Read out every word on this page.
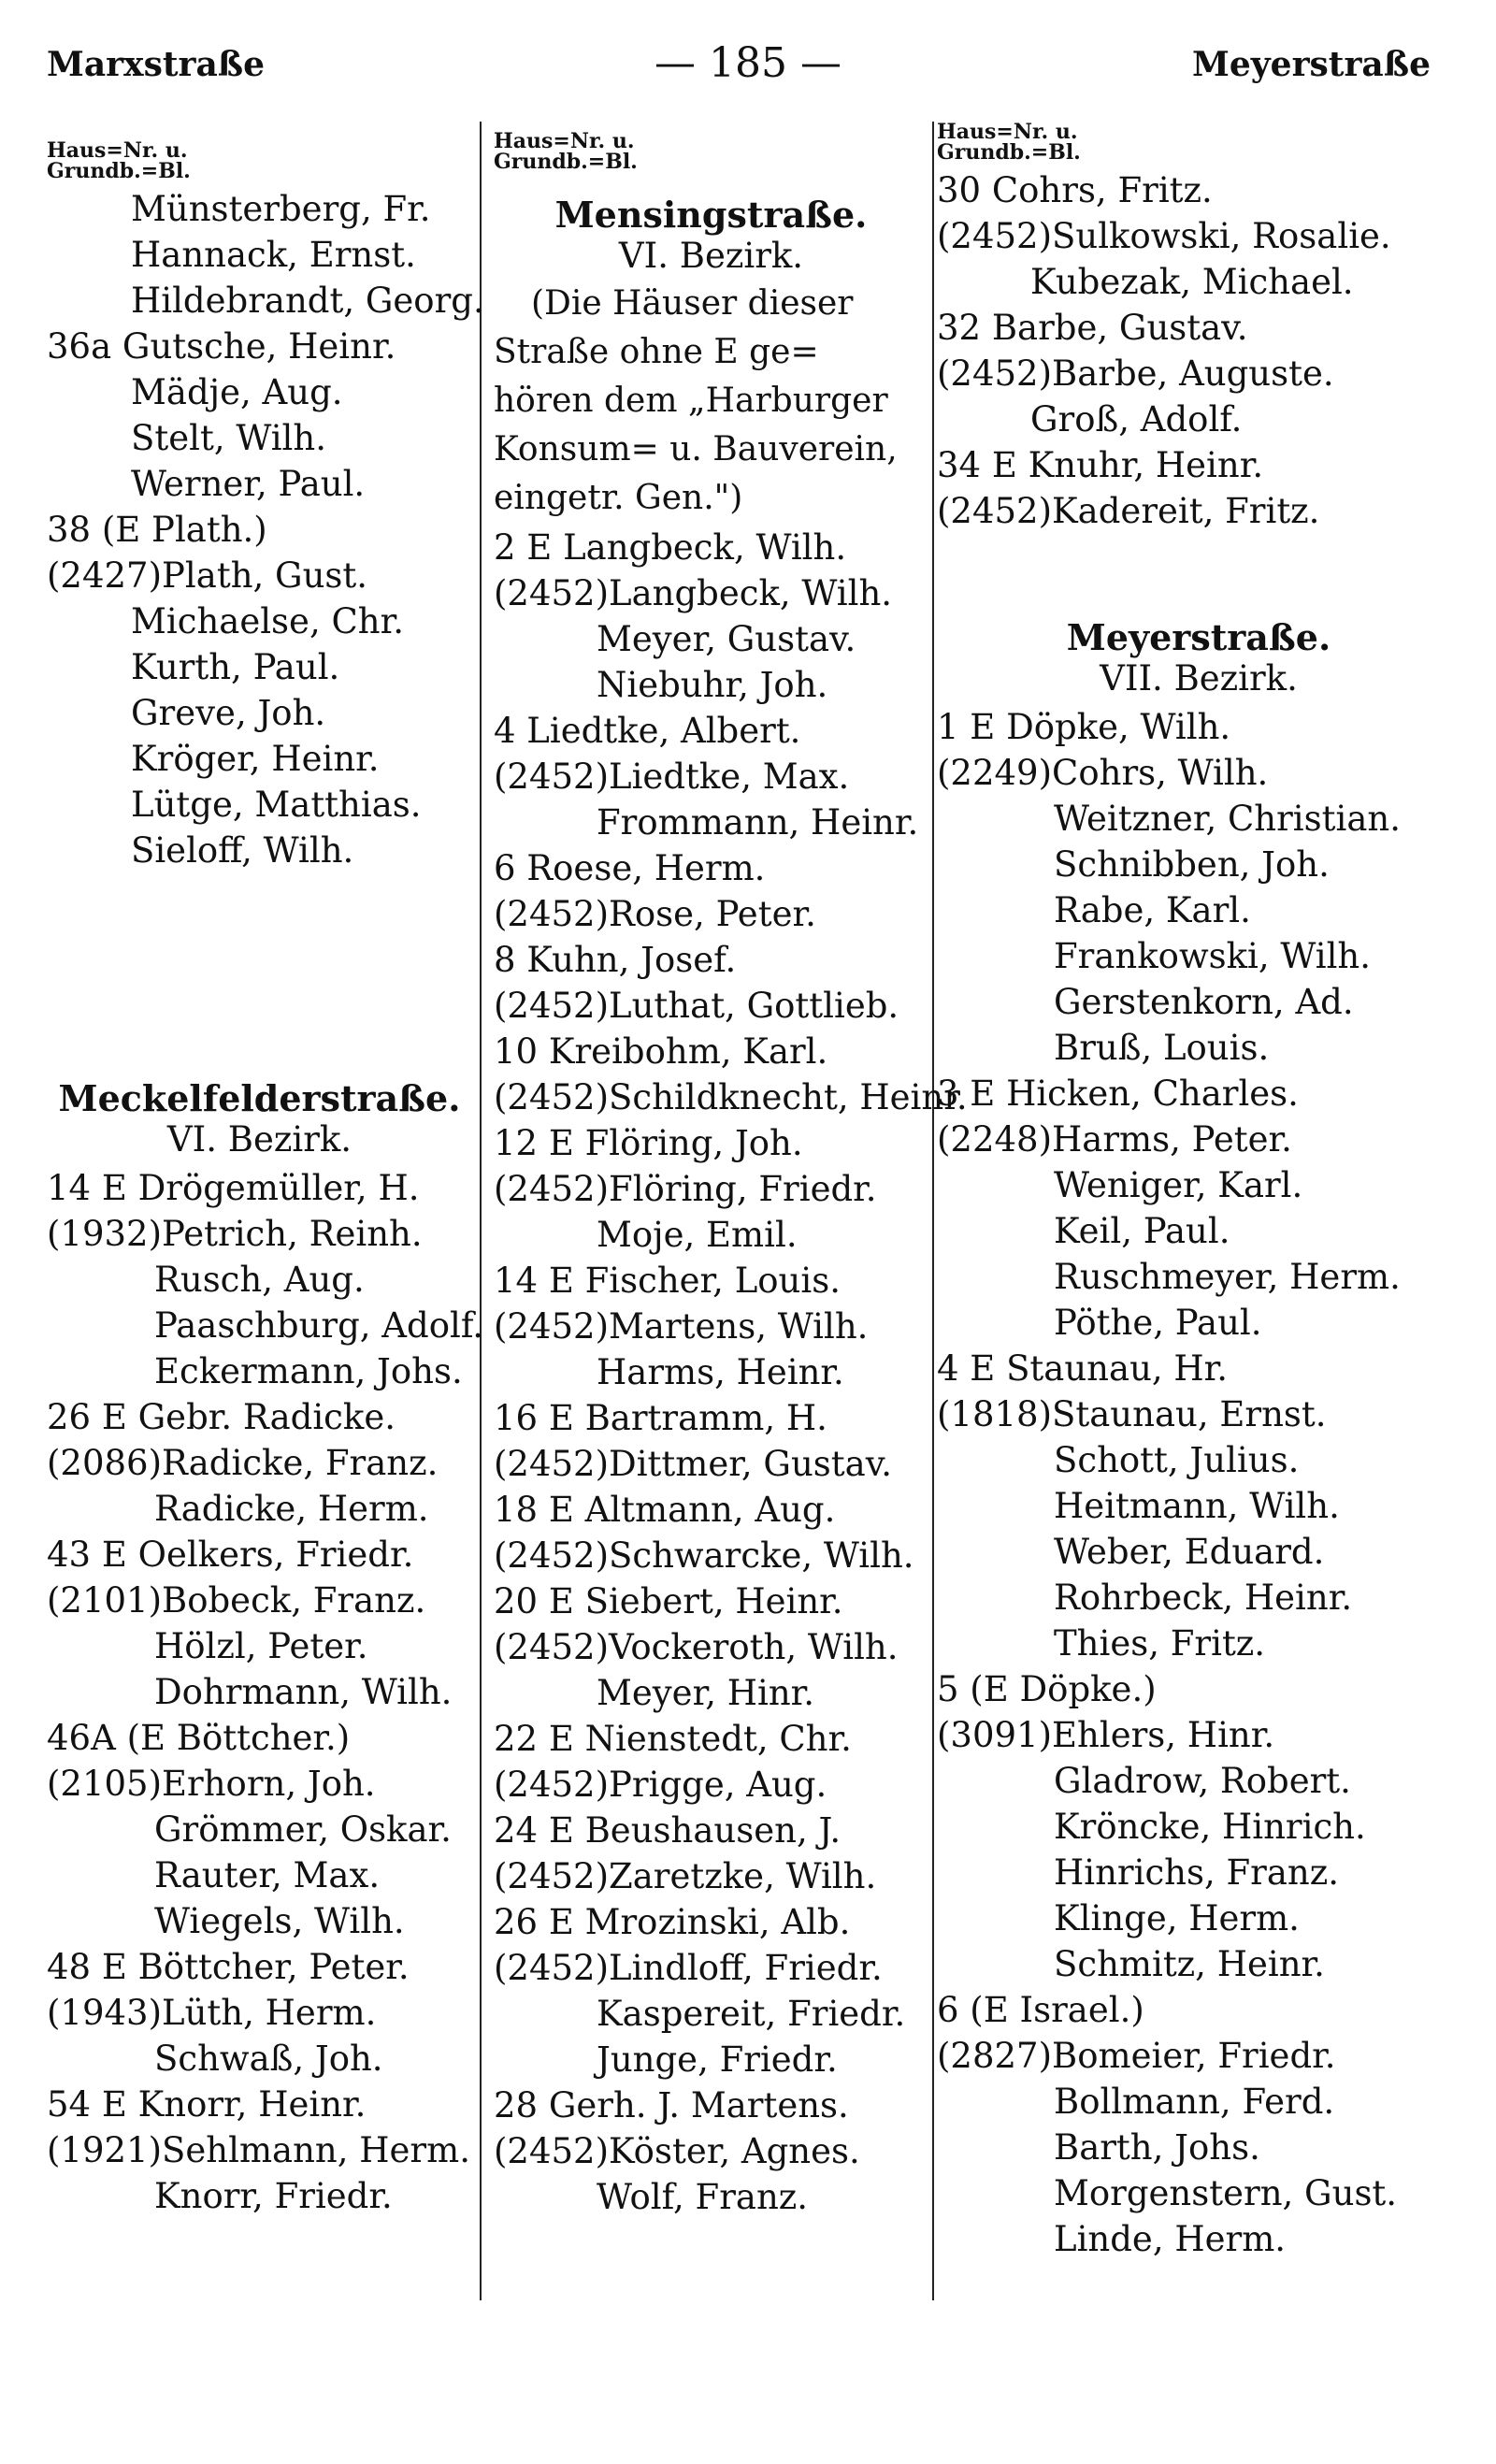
Marxstraße	— 185 —	Meyerstraße
Haus=Nr. u.
Grundb.=Bl.
Münsterberg, Fr.
Hannack, Ernst.
Hildebrandt, Georg.
36a Gutsche, Heinr.
Mädje, Aug.
Stelt, Wilh.
Werner, Paul.
38 (E Plath.)
(2427)Plath, Gust.
Michaelse, Chr.
Kurth, Paul.
Greve, Joh.
Kröger, Heinr.
Lütge, Matthias.
Sieloff, Wilh.
Meckelfelderstraße.
VI. Bezirk.
14 E Drögemüller, H.
(1932)Petrich, Reinh.
Rusch, Aug.
Paaschburg, Adolf.
Eckermann, Johs.
26 E Gebr. Radicke.
(2086)Radicke, Franz.
Radicke, Herm.
43 E Oelkers, Friedr.
(2101)Bobeck, Franz.
Hölzl, Peter.
Dohrmann, Wilh.
46A (E Böttcher.)
(2105)Erhorn, Joh.
Grömmer, Oskar.
Rauter, Max.
Wiegels, Wilh.
48 E Böttcher, Peter.
(1943)Lüth, Herm.
Schwaß, Joh.
54 E Knorr, Heinr.
(1921)Sehlmann, Herm.
Knorr, Friedr.
Haus=Nr. u.
Grundb.=Bl.
Mensingstraße.
VI. Bezirk.
(Die Häuser dieser
Straße ohne E ge=
hören dem „Harburger
Konsum= u. Bauverein,
eingetr. Gen.")
2 E Langbeck, Wilh.
(2452)Langbeck, Wilh.
Meyer, Gustav.
Niebuhr, Joh.
4 Liedtke, Albert.
(2452)Liedtke, Max.
Frommann, Heinr.
6 Roese, Herm.
(2452)Rose, Peter.
8 Kuhn, Josef.
(2452)Luthat, Gottlieb.
10 Kreibohm, Karl.
(2452)Schildknecht, Heinr.
12 E Flöring, Joh.
(2452)Flöring, Friedr.
Moje, Emil.
14 E Fischer, Louis.
(2452)Martens, Wilh.
Harms, Heinr.
16 E Bartramm, H.
(2452)Dittmer, Gustav.
18 E Altmann, Aug.
(2452)Schwarcke, Wilh.
20 E Siebert, Heinr.
(2452)Vockeroth, Wilh.
Meyer, Hinr.
22 E Nienstedt, Chr.
(2452)Prigge, Aug.
24 E Beushausen, J.
(2452)Zaretzke, Wilh.
26 E Mrozinski, Alb.
(2452)Lindloff, Friedr.
Kaspereit, Friedr.
Junge, Friedr.
28 Gerh. J. Martens.
(2452)Köster, Agnes.
Wolf, Franz.
Haus=Nr. u.
Grundb.=Bl.
30 Cohrs, Fritz.
(2452)Sulkowski, Rosalie.
Kubezak, Michael.
32 Barbe, Gustav.
(2452)Barbe, Auguste.
Groß, Adolf.
34 E Knuhr, Heinr.
(2452)Kadereit, Fritz.
Meyerstraße.
VII. Bezirk.
1 E Döpke, Wilh.
(2249)Cohrs, Wilh.
Weitzner, Christian.
Schnibben, Joh.
Rabe, Karl.
Frankowski, Wilh.
Gerstenkorn, Ad.
Bruß, Louis.
3 E Hicken, Charles.
(2248)Harms, Peter.
Weniger, Karl.
Keil, Paul.
Ruschmeyer, Herm.
Pöthe, Paul.
4 E Staunau, Hr.
(1818)Staunau, Ernst.
Schott, Julius.
Heitmann, Wilh.
Weber, Eduard.
Rohrbeck, Heinr.
Thies, Fritz.
5 (E Döpke.)
(3091)Ehlers, Hinr.
Gladrow, Robert.
Kröncke, Hinrich.
Hinrichs, Franz.
Klinge, Herm.
Schmitz, Heinr.
6 (E Israel.)
(2827)Bomeier, Friedr.
Bollmann, Ferd.
Barth, Johs.
Morgenstern, Gust.
Linde, Herm.
